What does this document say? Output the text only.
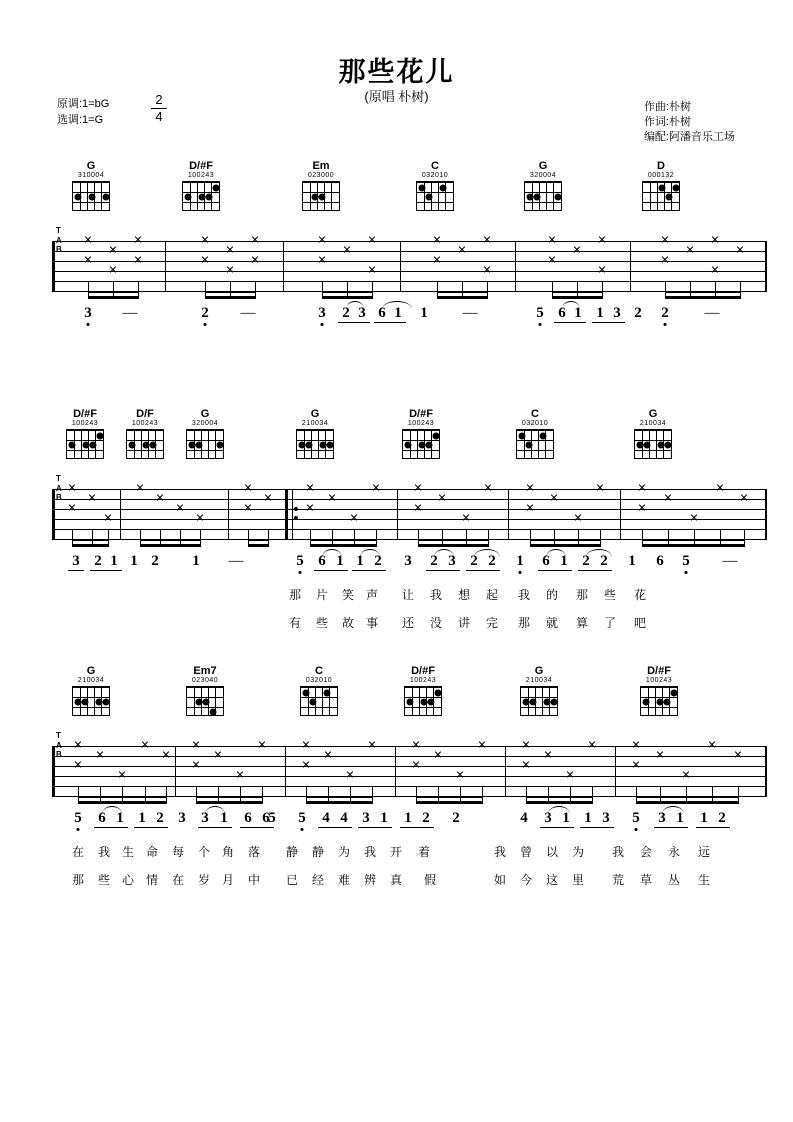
那些花儿
(原唱 朴树)
原调:1=bG
选调:1=G
2
4
作曲:朴树
作词:朴树
编配:阿潘音乐工场
G
310004
D/#F
100243
Em
023000
C
032010
G
320004
D
000132
T
A
B
✕
✕
✕
✕
✕
✕
✕
✕
✕
✕
✕
✕
✕
✕
✕
✕
✕
✕
✕
✕
✕
✕
✕
✕
✕
✕
✕
✕
✕
✕
✕
✕
✕
3 —	2 —	3 2 3 6 1 1 —	5 6 1 1 3 2 2 —
D/#F
100243
D/F
100243
G
320004
G
210034
D/#F
100243
C
032010
G
210034
T
A
B
✕
✕
✕
✕
✕
✕
✕
✕
✕
✕
✕
✕
✕
✕
✕
✕	✕
✕
✕
✕
✕	✕
✕
✕
✕
✕	✕
✕
✕
✕
✕
✕
3 2 1 1 2 1 —	5 6 1 1 2 3 2 3 2 2 1 6 1 2 2 1 6 5 —
那 片 笑 声 让 我 想 起 我 的 那 些 花
有 些 故 事 还 没 讲 完 那 就 算 了 吧
G
210034
Em7
023040
C
032010
D/#F
100243
G
210034
D/#F
100243
T
A
B
✕
✕
✕
✕
✕
✕
✕
✕
✕
✕
✕	✕
✕
✕
✕
✕	✕
✕
✕
✕
✕	✕
✕
✕
✕
✕	✕
✕
✕
✕
✕
✕
5 6 1 1 2 3 3 1 6 6
5 5 4 4 3 1 1 2 2	4 3 1 1 3 5 3 1 1 2
在 我 生 命 每 个 角 落 静 静 为 我 开 着	我 曾 以 为 我 会 永 远
那 些 心 情 在 岁 月 中 已 经 难 辨 真 假	如 今 这 里 荒 草 丛 生
